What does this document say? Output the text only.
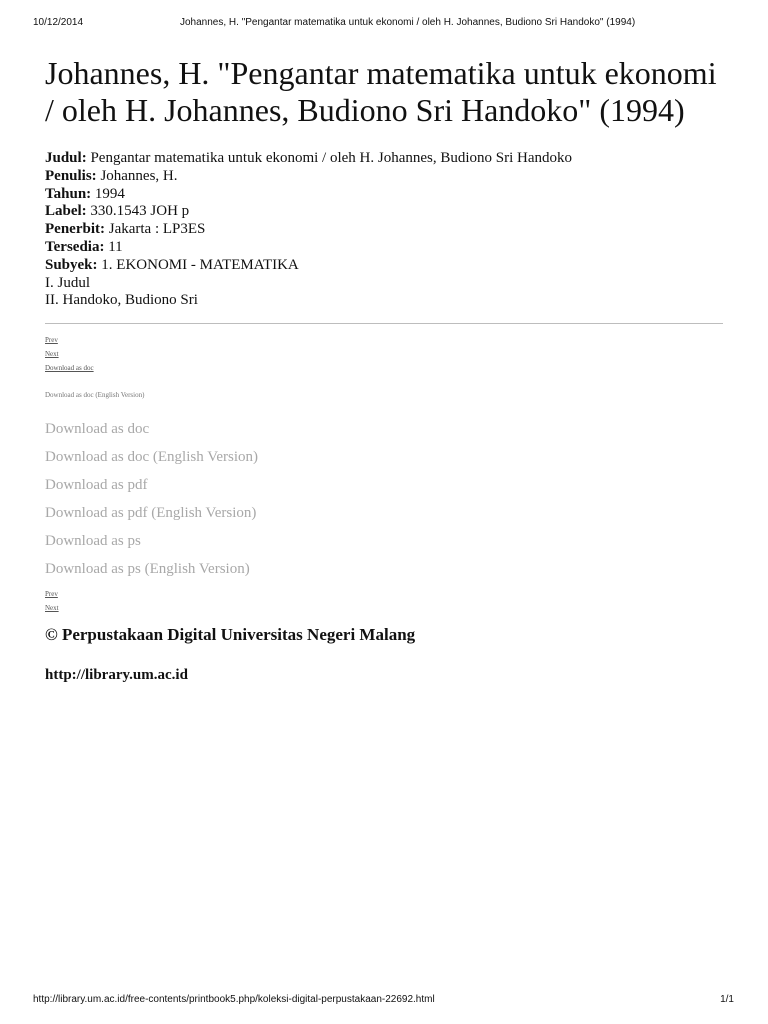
10/12/2014	Johannes, H. "Pengantar matematika untuk ekonomi / oleh H. Johannes, Budiono Sri Handoko" (1994)
Johannes, H. "Pengantar matematika untuk ekonomi / oleh H. Johannes, Budiono Sri Handoko" (1994)
Judul: Pengantar matematika untuk ekonomi / oleh H. Johannes, Budiono Sri Handoko
Penulis: Johannes, H.
Tahun: 1994
Label: 330.1543 JOH p
Penerbit: Jakarta : LP3ES
Tersedia: 11
Subyek: 1. EKONOMI - MATEMATIKA
I. Judul
II. Handoko, Budiono Sri
Prev
Next
Download as doc
Download as doc (English Version)
Download as doc
Download as doc (English Version)
Download as pdf
Download as pdf (English Version)
Download as ps
Download as ps (English Version)
Prev
Next
© Perpustakaan Digital Universitas Negeri Malang
http://library.um.ac.id
http://library.um.ac.id/free-contents/printbook5.php/koleksi-digital-perpustakaan-22692.html	1/1
